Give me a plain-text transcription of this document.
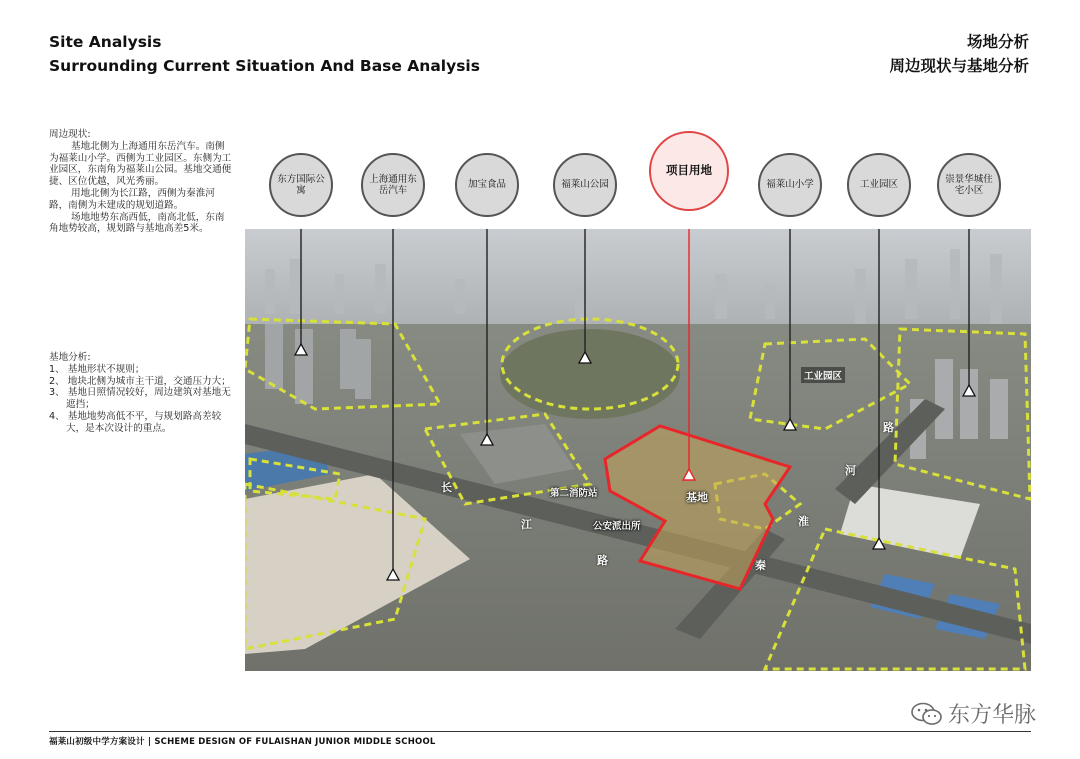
Site Analysis
Surrounding Current Situation And Base Analysis
场地分析
周边现状与基地分析

周边现状:

基地北侧为上海通用东岳汽车。南侧为福莱山小学。西侧为工业园区。东侧为工业园区，东南角为福莱山公园。基地交通便捷、区位优越，风光秀丽。

用地北侧为长江路，西侧为秦淮河路，南侧为未建成的规划道路。

场地地势东高西低，南高北低，东南角地势较高，规划路与基地高差5米。

基地分析:

1、 基地形状不规则；

2、 地块北侧为城市主干道，交通压力大；

3、 基地日照情况较好，周边建筑对基地无遮挡；

4、 基地地势高低不平，与规划路高差较大，是本次设计的重点。

工业园区
第二消防站
公安派出所
基地
长
江
路
路
河
淮
秦
东方国际公寓
上海通用东岳汽车
加宝食品	福莱山公园
项目用地
福莱山小学	工业园区
崇景华城住宅小区
东方华脉
福莱山初级中学方案设计 | SCHEME DESIGN OF FULAISHAN JUNIOR MIDDLE SCHOOL
